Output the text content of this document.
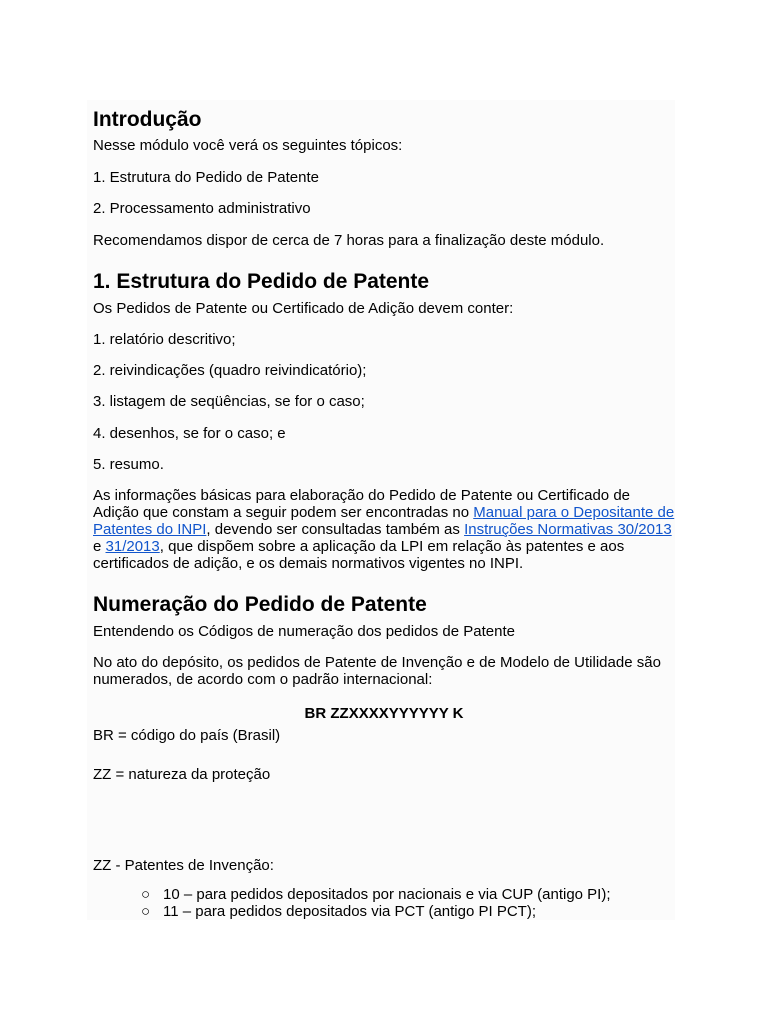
Introdução

Nesse módulo você verá os seguintes tópicos:

1. Estrutura do Pedido de Patente

2. Processamento administrativo

Recomendamos dispor de cerca de 7 horas para a finalização deste módulo.

1. Estrutura do Pedido de Patente

Os Pedidos de Patente ou Certificado de Adição devem conter:

1. relatório descritivo;

2. reivindicações (quadro reivindicatório);

3. listagem de seqüências, se for o caso;

4. desenhos, se for o caso; e

5. resumo.

As informações básicas para elaboração do Pedido de Patente ou Certificado de Adição que constam a seguir podem ser encontradas no Manual para o Depositante de Patentes do INPI, devendo ser consultadas também as Instruções Normativas 30/2013 e 31/2013, que dispõem sobre a aplicação da LPI em relação às patentes e aos certificados de adição, e os demais normativos vigentes no INPI.

Numeração do Pedido de Patente

Entendendo os Códigos de numeração dos pedidos de Patente

No ato do depósito, os pedidos de Patente de Invenção e de Modelo de Utilidade são numerados, de acordo com o padrão internacional:

BR ZZXXXXYYYYYY K

BR = código do país (Brasil)

ZZ = natureza da proteção

ZZ - Patentes de Invenção:

○ 10 – para pedidos depositados por nacionais e via CUP (antigo PI);
○ 11 – para pedidos depositados via PCT (antigo PI PCT);
